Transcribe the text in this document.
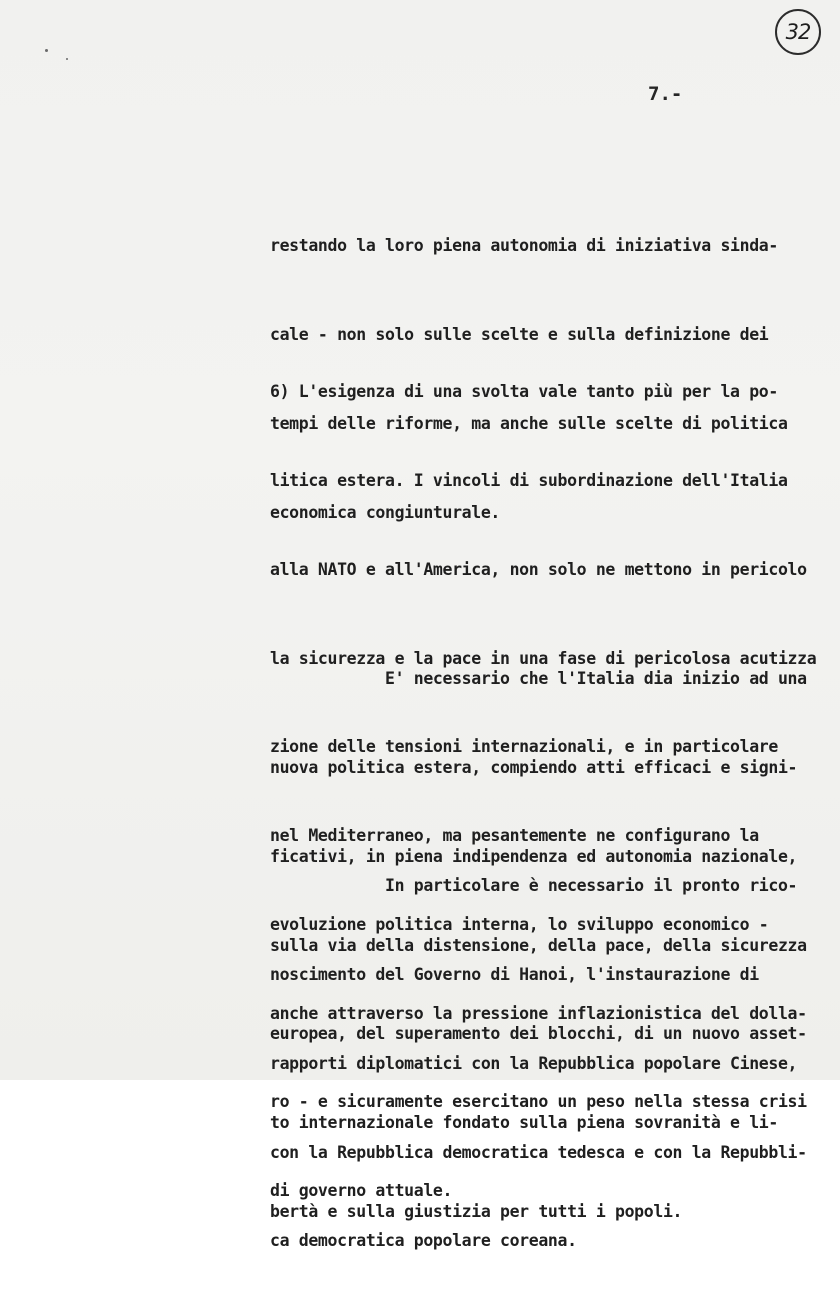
32
7.-

restando la loro piena autonomia di iniziativa sinda-

cale - non solo sulle scelte e sulla definizione dei

tempi delle riforme, ma anche sulle scelte di politica

economica congiunturale.

6) L'esigenza di una svolta vale tanto più per la po-

litica estera. I vincoli di subordinazione dell'Italia

alla NATO e all'America, non solo ne mettono in pericolo

la sicurezza e la pace in una fase di pericolosa acutizza

zione delle tensioni internazionali, e in particolare

nel Mediterraneo, ma pesantemente ne configurano la

evoluzione politica interna, lo sviluppo economico -

anche attraverso la pressione inflazionistica del dolla-

ro - e sicuramente esercitano un peso nella stessa crisi

di governo attuale.

E' necessario che l'Italia dia inizio ad una

nuova politica estera, compiendo atti efficaci e signi-

ficativi, in piena indipendenza ed autonomia nazionale,

sulla via della distensione, della pace, della sicurezza

europea, del superamento dei blocchi, di un nuovo asset-

to internazionale fondato sulla piena sovranità e li-

bertà e sulla giustizia per tutti i popoli.

In particolare è necessario il pronto rico-

noscimento del Governo di Hanoi, l'instaurazione di

rapporti diplomatici con la Repubblica popolare Cinese,

con la Repubblica democratica tedesca e con la Repubbli-

ca democratica popolare coreana.
